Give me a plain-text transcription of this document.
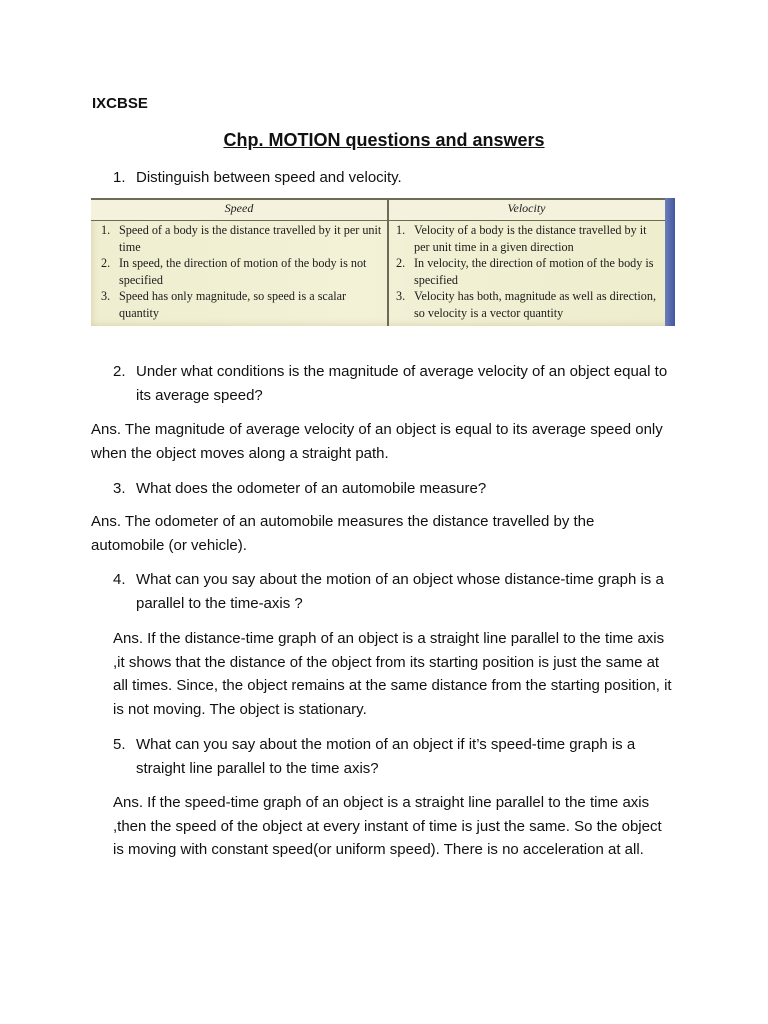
IXCBSE

Chp. MOTION questions and answers

1. Distinguish between speed and velocity.
Speed	Velocity
1. Speed of a body is the distance travelled by it per unit time
2. In speed, the direction of motion of the body is not specified
3. Speed has only magnitude, so speed is a scalar quantity
1. Velocity of a body is the distance travelled by it per unit time in a given direction
2. In velocity, the direction of motion of the body is specified
3. Velocity has both, magnitude as well as direction, so velocity is a vector quantity
2. Under what conditions is the magnitude of average velocity of an object equal to its average speed?

Ans. The magnitude of average velocity of an object is equal to its average speed only when the object moves along a straight path.

3. What does the odometer of an automobile measure?

Ans. The odometer of an automobile measures the distance travelled by the automobile (or vehicle).

4. What can you say about the motion of an object whose distance-time graph is a parallel to the time-axis ?

Ans. If the distance-time graph of an object is a straight line parallel to the time axis ,it shows that the distance of the object from its starting position is just the same at all times. Since, the object remains at the same distance from the starting position, it is not moving. The object is stationary.

5. What can you say about the motion of an object if it’s speed-time graph is a straight line parallel to the time axis?

Ans. If the speed-time graph of an object is a straight line parallel to the time axis ,then the speed of the object at every instant of time is just the same. So the object is moving with constant speed(or uniform speed). There is no acceleration at all.
